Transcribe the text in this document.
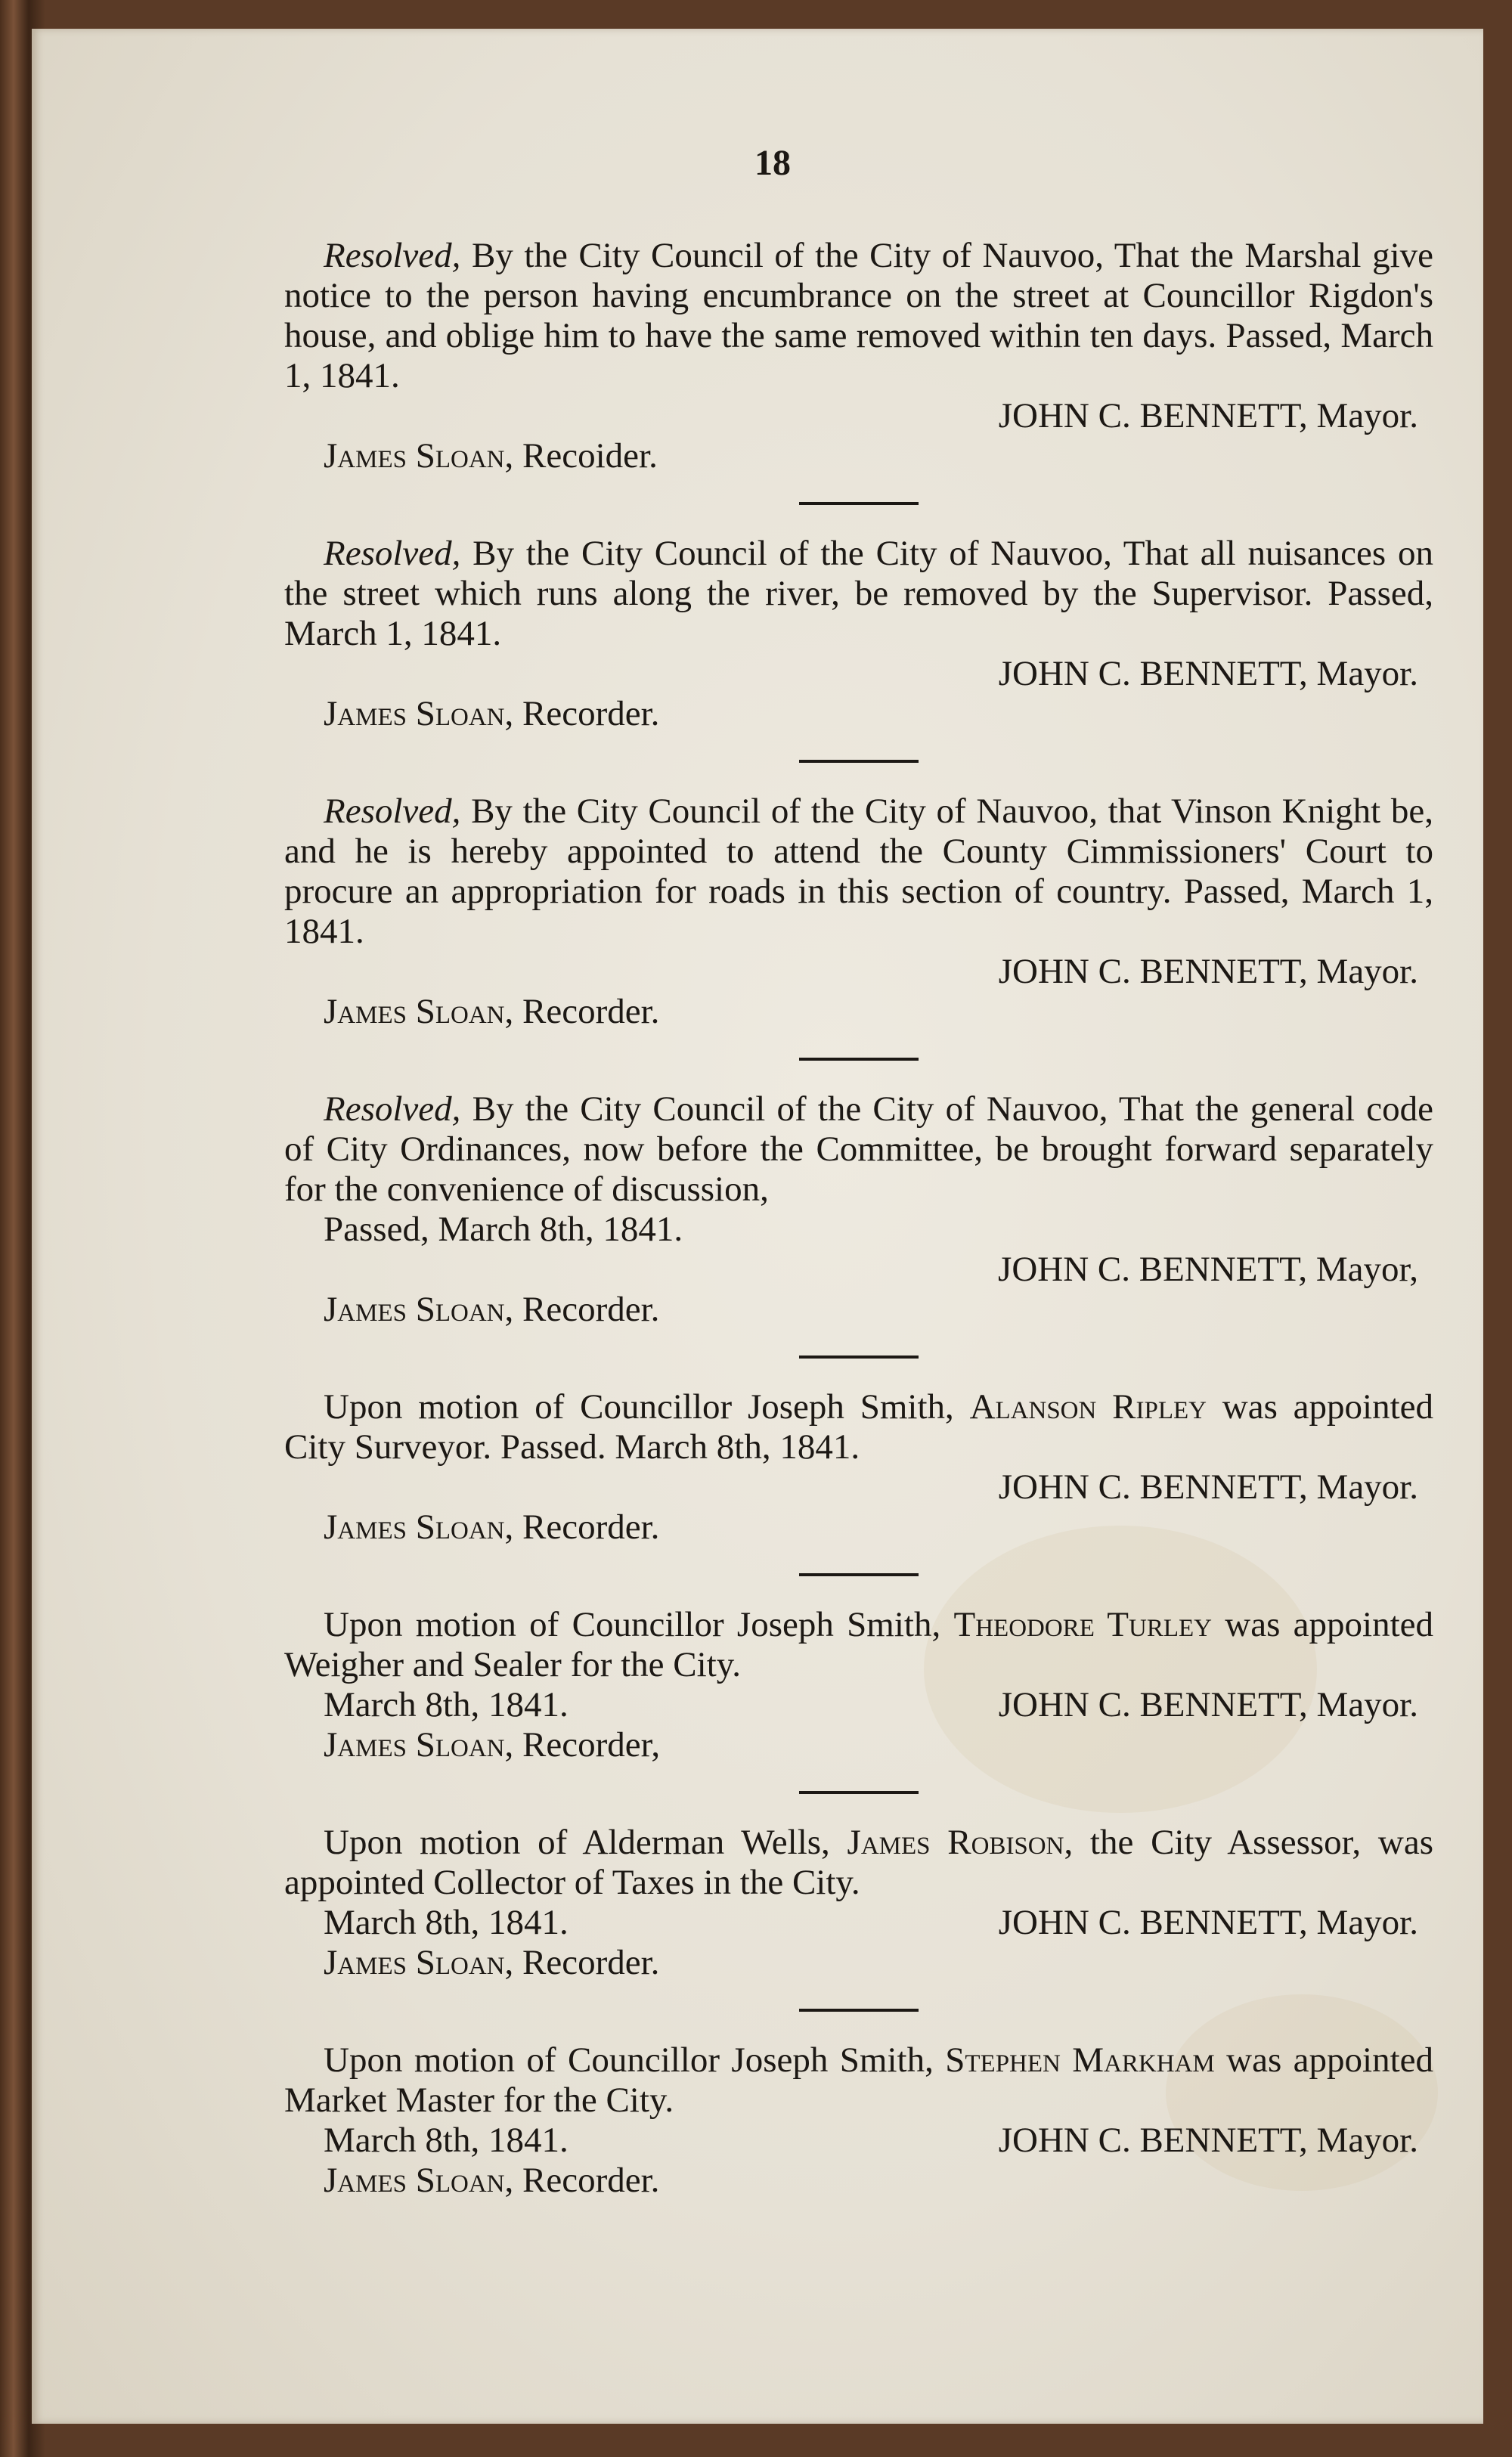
18

Resolved, By the City Council of the City of Nauvoo, That the Marshal give notice to the person having encumbrance on the street at Councillor Rigdon's house, and oblige him to have the same removed within ten days. Passed, March 1, 1841.

JOHN C. BENNETT, Mayor.
James Sloan, Recoider.

Resolved, By the City Council of the City of Nauvoo, That all nuisances on the street which runs along the river, be removed by the Supervisor. Passed, March 1, 1841.

JOHN C. BENNETT, Mayor.
James Sloan, Recorder.

Resolved, By the City Council of the City of Nauvoo, that Vinson Knight be, and he is hereby appointed to attend the County Cimmissioners' Court to procure an appropriation for roads in this section of country. Passed, March 1, 1841.

JOHN C. BENNETT, Mayor.
James Sloan, Recorder.

Resolved, By the City Council of the City of Nauvoo, That the general code of City Ordinances, now before the Committee, be brought forward separately for the convenience of discussion,

Passed, March 8th, 1841.
JOHN C. BENNETT, Mayor,
James Sloan, Recorder.

Upon motion of Councillor Joseph Smith, Alanson Ripley was appointed City Surveyor. Passed. March 8th, 1841.

JOHN C. BENNETT, Mayor.
James Sloan, Recorder.

Upon motion of Councillor Joseph Smith, Theodore Turley was appointed Weigher and Sealer for the City.

March 8th, 1841.	JOHN C. BENNETT, Mayor.
James Sloan, Recorder,

Upon motion of Alderman Wells, James Robison, the City Assessor, was appointed Collector of Taxes in the City.

March 8th, 1841.	JOHN C. BENNETT, Mayor.
James Sloan, Recorder.

Upon motion of Councillor Joseph Smith, Stephen Markham was appointed Market Master for the City.

March 8th, 1841.	JOHN C. BENNETT, Mayor.
James Sloan, Recorder.
